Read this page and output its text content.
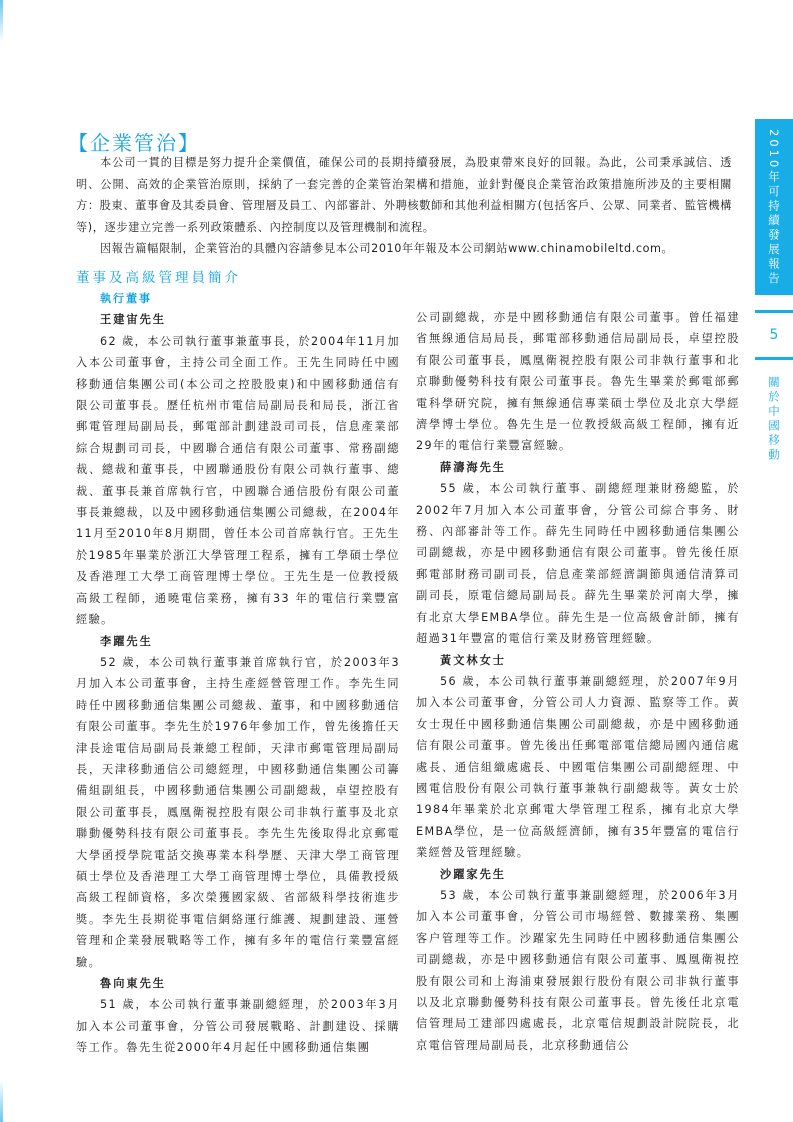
【企業管治】

本公司一貫的目標是努力提升企業價值，確保公司的長期持續發展，為股東帶來良好的回報。為此，公司秉承誠信、透明、公開、高效的企業管治原則，採納了一套完善的企業管治架構和措施，並針對優良企業管治政策措施所涉及的主要相關方：股東、董事會及其委員會、管理層及員工、內部審計、外聘核數師和其他利益相關方(包括客戶、公眾、同業者、監管機構等)，逐步建立完善一系列政策體系、內控制度以及管理機制和流程。

因報告篇幅限制，企業管治的具體內容請參見本公司2010年年報及本公司網站www.chinamobileltd.com。

董事及高級管理員簡介

執行董事

王建宙先生

62 歲，本公司執行董事兼董事長，於2004年11月加入本公司董事會，主持公司全面工作。王先生同時任中國移動通信集團公司(本公司之控股股東)和中國移動通信有限公司董事長。歷任杭州市電信局副局長和局長，浙江省郵電管理局副局長，郵電部計劃建設司司長，信息產業部綜合規劃司司長，中國聯合通信有限公司董事、常務副總裁、總裁和董事長，中國聯通股份有限公司執行董事、總裁、董事長兼首席執行官，中國聯合通信股份有限公司董事長兼總裁，以及中國移動通信集團公司總裁，在2004年11月至2010年8月期間，曾任本公司首席執行官。王先生於1985年畢業於浙江大學管理工程系，擁有工學碩士學位及香港理工大學工商管理博士學位。王先生是一位教授級高級工程師，通曉電信業務，擁有33 年的電信行業豐富經驗。

李躍先生

52 歲，本公司執行董事兼首席執行官，於2003年3月加入本公司董事會，主持生產經營管理工作。李先生同時任中國移動通信集團公司總裁、董事，和中國移動通信有限公司董事。李先生於1976年參加工作，曾先後擔任天津長途電信局副局長兼總工程師，天津市郵電管理局副局長，天津移動通信公司總經理，中國移動通信集團公司籌備組副組長，中國移動通信集團公司副總裁，卓望控股有限公司董事長，鳳凰衛視控股有限公司非執行董事及北京聯動優勢科技有限公司董事長。李先生先後取得北京郵電大學函授學院電話交換專業本科學歷、天津大學工商管理碩士學位及香港理工大學工商管理博士學位，具備教授級高級工程師資格，多次榮獲國家級、省部級科學技術進步獎。李先生長期從事電信網絡運行維護、規劃建設、運營管理和企業發展戰略等工作，擁有多年的電信行業豐富經驗。

魯向東先生

51 歲，本公司執行董事兼副總經理，於2003年3月加入本公司董事會，分管公司發展戰略、計劃建设、採購等工作。魯先生從2000年4月起任中國移動通信集團

公司副總裁，亦是中國移動通信有限公司董事。曾任福建省無線通信局局長，郵電部移動通信局副局長，卓望控股有限公司董事長，鳳凰衛視控股有限公司非執行董事和北京聯動優勢科技有限公司董事長。魯先生畢業於郵電部郵電科學研究院，擁有無線通信專業碩士學位及北京大學經濟學博士學位。魯先生是一位教授級高級工程師，擁有近29年的電信行業豐富經驗。

薛濤海先生

55 歲，本公司執行董事、副總經理兼財務總監，於2002年7月加入本公司董事會，分管公司綜合事务、財務、內部審計等工作。薛先生同時任中國移動通信集團公司副總裁，亦是中國移動通信有限公司董事。曾先後任原郵電部財務司副司長，信息產業部經濟調節與通信清算司副司長，原電信總局副局長。薛先生畢業於河南大學，擁有北京大學EMBA學位。薛先生是一位高級會計師，擁有超過31年豐富的電信行業及財務管理經驗。

黃文林女士

56 歲，本公司執行董事兼副總經理，於2007年9月加入本公司董事會，分管公司人力資源、監察等工作。黃女士現任中國移動通信集團公司副總裁，亦是中國移動通信有限公司董事。曾先後出任郵電部電信總局國內通信處處長、通信組織處處長、中國電信集團公司副總經理、中國電信股份有限公司執行董事兼執行副總裁等。黃女士於1984年畢業於北京郵電大學管理工程系，擁有北京大學EMBA學位，是一位高級經濟師，擁有35年豐富的電信行業經營及管理經驗。

沙躍家先生

53 歲，本公司執行董事兼副總經理，於2006年3月加入本公司董事會，分管公司市場經營、數據業務、集團客户管理等工作。沙躍家先生同時任中國移動通信集團公司副總裁，亦是中國移動通信有限公司董事、鳳凰衛視控股有限公司和上海浦東發展銀行股份有限公司非執行董事以及北京聯動優勢科技有限公司董事長。曾先後任北京電信管理局工建部四處處長，北京電信規劃設計院院長，北京電信管理局副局長，北京移動通信公

2010年可持續發展報告
5
關於中國移動
